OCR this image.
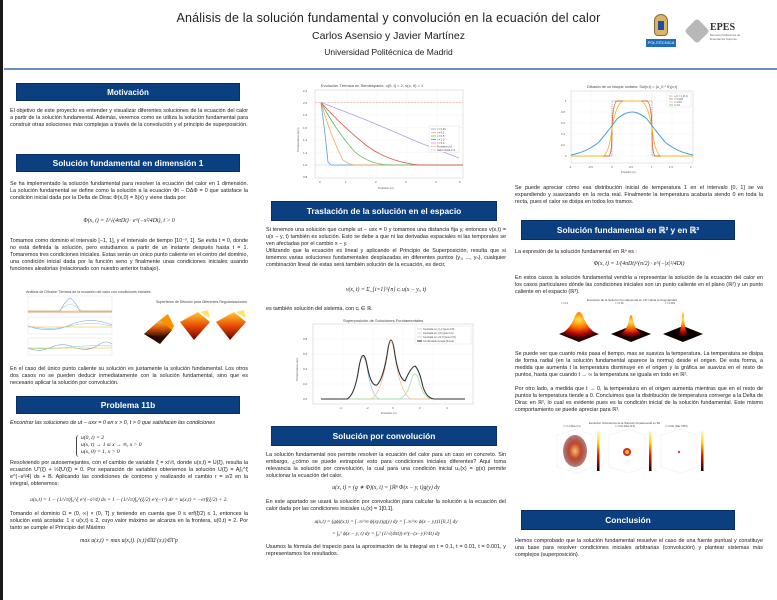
Análisis de la solución fundamental y convolución en la ecuación del calor
Carlos Asensio y Javier Martínez
Universidad Politécnica de Madrid
POLITÉCNICA
EPES
Escuela Politécnica de Enseñanza Superior
Motivación
El objetivo de este proyecto es entender y visualizar diferentes soluciones de la ecuación del calor a partir de la solución fundamental. Además, veremos como se utiliza la solución fundamental para construir otras soluciones más complejas a través de la convolución y el principio de superposición.
Solución fundamental en dimensión 1
Se ha implementado la solución fundamental para resolver la ecuación del calor en 1 dimensión. La solución fundamental se define como la solución a la ecuación Φt − DΔΦ = 0 que satisface la condición inicial dada por la Delta de Dirac Φ(x,0) = δ(x) y viene dada por:
Φ(x, t) = 1/√(4πDt) · e^(−x²/4Dt), t > 0
Tomamos como dominio el intervalo [−1, 1], y el intervalo de tiempo [10⁻³, 1]. Se evita t = 0, donde no está definida la solución, pero estudiamos a partir de un instante después hasta t = 1. Tomaremos tres condiciones iniciales. Estas serán un único punto caliente en el centro del dominio, una condición inicial dada por la función seno y finalmente unas condiciones iniciales usando funciones aleatorias (relacionado con nuestro anterior trabajo).
Análisis de Difusión Térmica de la ecuación del calor con condiciones iniciales
Superficies de Difusión para Diferentes Regularizaciones
En el caso del único punto caliente su solución es justamente la solución fundamental. Los otros dos casos no se pueden deducir inmediatamente con la solución fundamental, sino que es necesario aplicar la solución por convolución.
Problema 11b
Encontrar las soluciones de ut − uxx = 0 en x > 0, t > 0 que satisfacen las condiciones
u(0, t) = 2
u(x, t) → 1 si x → ∞, x > 0
u(x, 0) = 1, x > 0
Resolviendo por autosemejantes, con el cambio de variable ξ = x/√t, donde u(x,t) = U(ξ), resulta la ecuación U″(ξ) + ½ξU′(ξ) = 0. Por separación de variables obtenemos la solución U(ξ) = A∫₀^ξ e^(−s²/4) ds + B. Aplicando las condiciones de contorno y realizando el cambio r = s/2 en la integral, obtenemos:
u(x,t) = 1 − (1/√π)∫₀^ξ e^(−s²/4) ds = 1 − (1/√π)∫₀^(ξ/2) e^(−r²) dr = u(x,t) = −erf(ξ/2) + 2.
Tomando el dominio Ω = (0, ∞) × (0, T] y teniendo en cuenta que 0 ≤ erf(ξ/2) ≤ 1, entonces la solución está acotada: 1 ≤ u(x,t) ≤ 2, cuyo valor máximo se alcanza en la frontera, u(0,t) = 2. Por tanto se cumple el Principio del Máximo
max u(x,t) = max u(x,t). (x,t)∈Ω̄ (x,t)∈Γp
Evolución Térmica en Semiespacio: u(0, t) = 2, u(x, 0) = 1
t = 0.01
t = 0.1
t = 0.5
t = 1.0
t = 5.0
Frontera u=2
Valor inicial u=1
0	1	2	3	4	5
2.2
2.0
1.8
1.6
1.4
1.2
1.0
0.8
Posición (x)
Temperatura u(x,t)
Traslación de la solución en el espacio
Si tenemos una solución que cumple ut − uxx = 0 y tomamos una distancia fija y, entonces v(x,t) = u(x − y, t) también es solución. Esto se debe a que ni las derivadas espaciales ni las temporales se ven afectadas por el cambio x − y.
Utilizando que la ecuación es lineal y aplicando el Principio de Superposición, resulta que si tenemos varias soluciones fundamentales desplazadas en diferentes puntos (y₁, ..., yₙ), cualquier combinación lineal de estas será también solución de la ecuación, es decir,
v(x, t) = Σ_{i=1}^{n} cᵢ u(x − yᵢ, t)
es también solución del sistema, con cᵢ ∈ ℝ.
Superposición de Soluciones Fundamentales
Centrada en y=-2 (peso 0.8)
Centrada en y=0 (peso 1.2)
Centrada en y=1.5 (peso 0.5)
Combinación Lineal (Suma)
-4	-2	0	2	4
0.0
0.2
0.4
0.6
0.8
Posición (x)
Temperatura u(x)
Solución por convolución
La solución fundamental nos permite resolver la ecuación del calor para un caso en concreto. Sin embargo, ¿cómo se puede extrapolar esto para condiciones iniciales diferentes? Aquí toma relevancia la solución por convolución, la cual para una condición inicial u₀(x) = g(x) permite solucionar la ecuación del calor.
u(x, t) = (g ∗ Φ)(x, t) = ∫ℝⁿ Φ(x − y, t)g(y) dy
En este apartado se usará la solución por convolución para calcular la solución a la ecuación del calor dada por las condiciones iniciales u₀(x) = 1[0,1].
u(x,t) = (gϕ)(x,t) = ∫₋∞^∞ ϕ(xy,t)g(y) dy = ∫₋∞^∞ ϕ(x − y,t)1[0,1] dy
= ∫₀¹ ϕ(x − y, t) dy = ∫₀¹ (1/√(4πt)) e^(−(x−y)²/4t) dy
Usamos la fórmula del trapecio para la aproximación de la integral en t = 0.1, t = 0.01, t = 0.001, y representamos los resultados.
Difusión de un bloque unitario: Sol(x,t) = (u_0 * K)(x,t)
u_0 = 1_[0,1]
t = 0.001
t = 0.01
t = 0.1
-1	-0.5	0	0.5	1	1.5	2
0
0.2
0.4
0.6
0.8
1
Posición (x)
Se puede apreciar cómo esa distribución inicial de temperatura 1 en el intervalo [0, 1] se va expandiendo y suavizando en la recta real. Finalmente la temperatura acabaría siendo 0 en toda la recta, pues el calor se disipa en todos los tramos.
Solución fundamental en ℝ² y en ℝ³
La expresión de la solución fundamental en ℝⁿ es :
Φ(x, t) = 1/(4πDt)^(n/2) · e^(−|x|²/4Dt)
En estos casos la solución fundamental vendría a representar la solución de la ecuación del calor en los casos particulares dónde las condiciones iniciales son un punto caliente en el plano (ℝ²) y un punto caliente en el espacio (ℝ³).
Evolución de la Solución Fundamental en 2D: Hacia la Singularidad
t = 0.1	t = 0.01	t = 0.001
Se puede ver que cuanto más pasa el tiempo, mas se suaviza la temperatura. La temperatura se disipa de forma radial (en la solución fundamental aparece la norma) desde el origen. De esta forma, a medida que aumenta t la temperatura disminuye en el origen y la gráfica se suaviza en el resto de puntos, hasta que cuando t → ∞ la temperatura se iguala en todo en ℝ².
Por otro lado, a medida que t → 0, la temperatura en el origen aumenta mientras que en el resto de puntos la temperatura tiende a 0. Concluimos que la distribución de temperatura converge a la Delta de Dirac en ℝ², lo cual es evidente pues es la condición inicial de la solución fundamental. Este mismo comportamiento se puede apreciar para ℝ³.
Evolución Volumétrica de la Solución Fundamental en 3D
t = 0.1 (Max 0.1)	t = 0.01 (Max 22.4)	t = 0.001 (Max 708.6)
Conclusión
Hemos comprobado que la solución fundamental resuelve el caso de una fuente puntual y constituye una base para resolver condiciones iniciales arbitrarias (convolución) y plantear sistemas más complejos (superposición).
